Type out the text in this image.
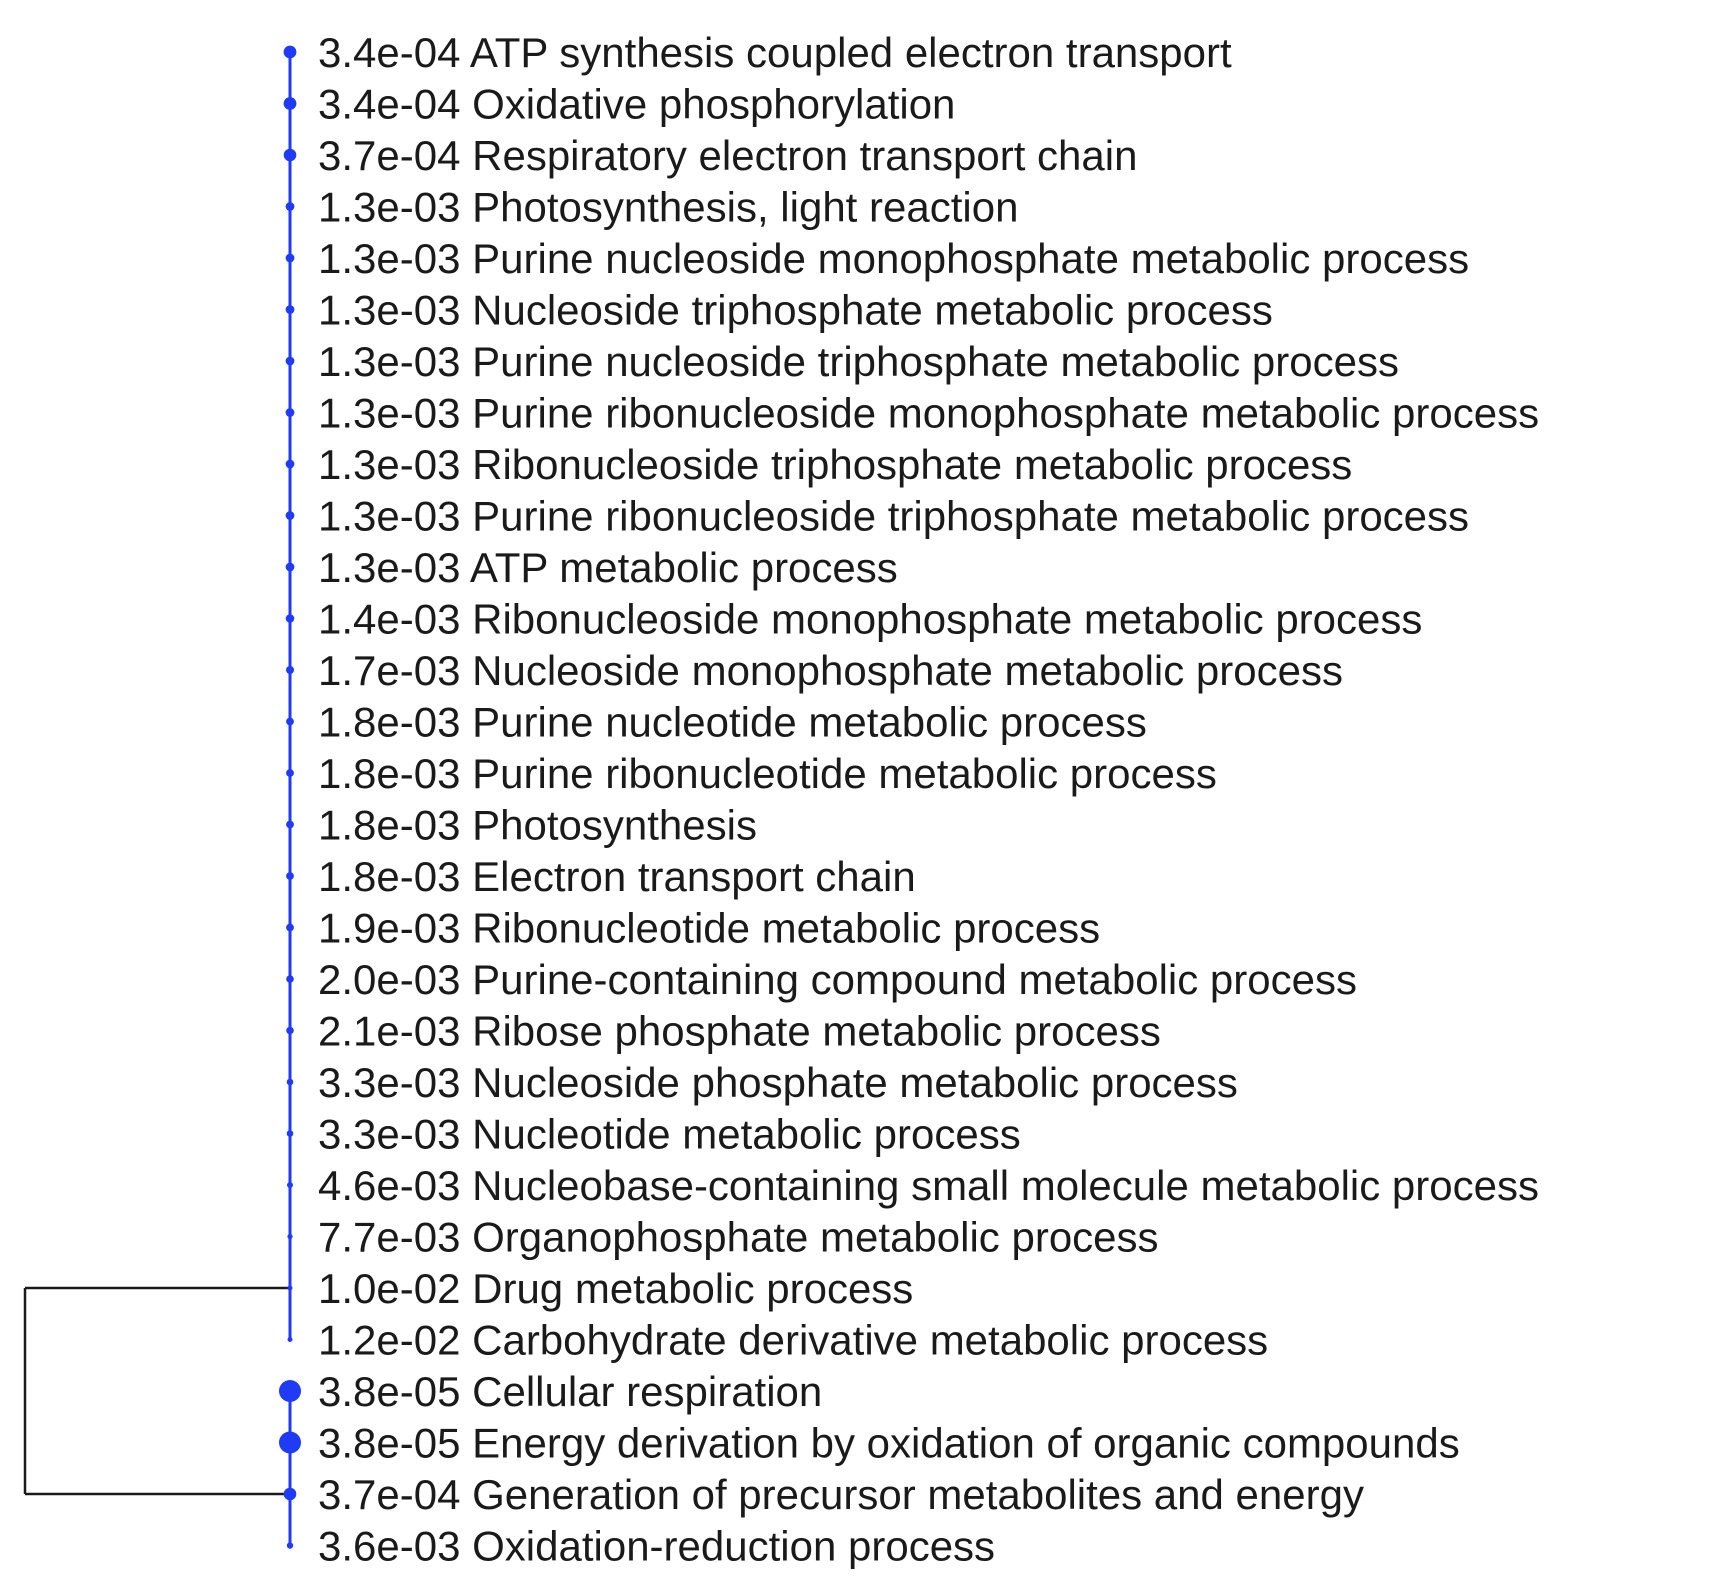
3.4e-04 ATP synthesis coupled electron transport
3.4e-04 Oxidative phosphorylation
3.7e-04 Respiratory electron transport chain
1.3e-03 Photosynthesis, light reaction
1.3e-03 Purine nucleoside monophosphate metabolic process
1.3e-03 Nucleoside triphosphate metabolic process
1.3e-03 Purine nucleoside triphosphate metabolic process
1.3e-03 Purine ribonucleoside monophosphate metabolic process
1.3e-03 Ribonucleoside triphosphate metabolic process
1.3e-03 Purine ribonucleoside triphosphate metabolic process
1.3e-03 ATP metabolic process
1.4e-03 Ribonucleoside monophosphate metabolic process
1.7e-03 Nucleoside monophosphate metabolic process
1.8e-03 Purine nucleotide metabolic process
1.8e-03 Purine ribonucleotide metabolic process
1.8e-03 Photosynthesis
1.8e-03 Electron transport chain
1.9e-03 Ribonucleotide metabolic process
2.0e-03 Purine-containing compound metabolic process
2.1e-03 Ribose phosphate metabolic process
3.3e-03 Nucleoside phosphate metabolic process
3.3e-03 Nucleotide metabolic process
4.6e-03 Nucleobase-containing small molecule metabolic process
7.7e-03 Organophosphate metabolic process
1.0e-02 Drug metabolic process
1.2e-02 Carbohydrate derivative metabolic process
3.8e-05 Cellular respiration
3.8e-05 Energy derivation by oxidation of organic compounds
3.7e-04 Generation of precursor metabolites and energy
3.6e-03 Oxidation-reduction process
